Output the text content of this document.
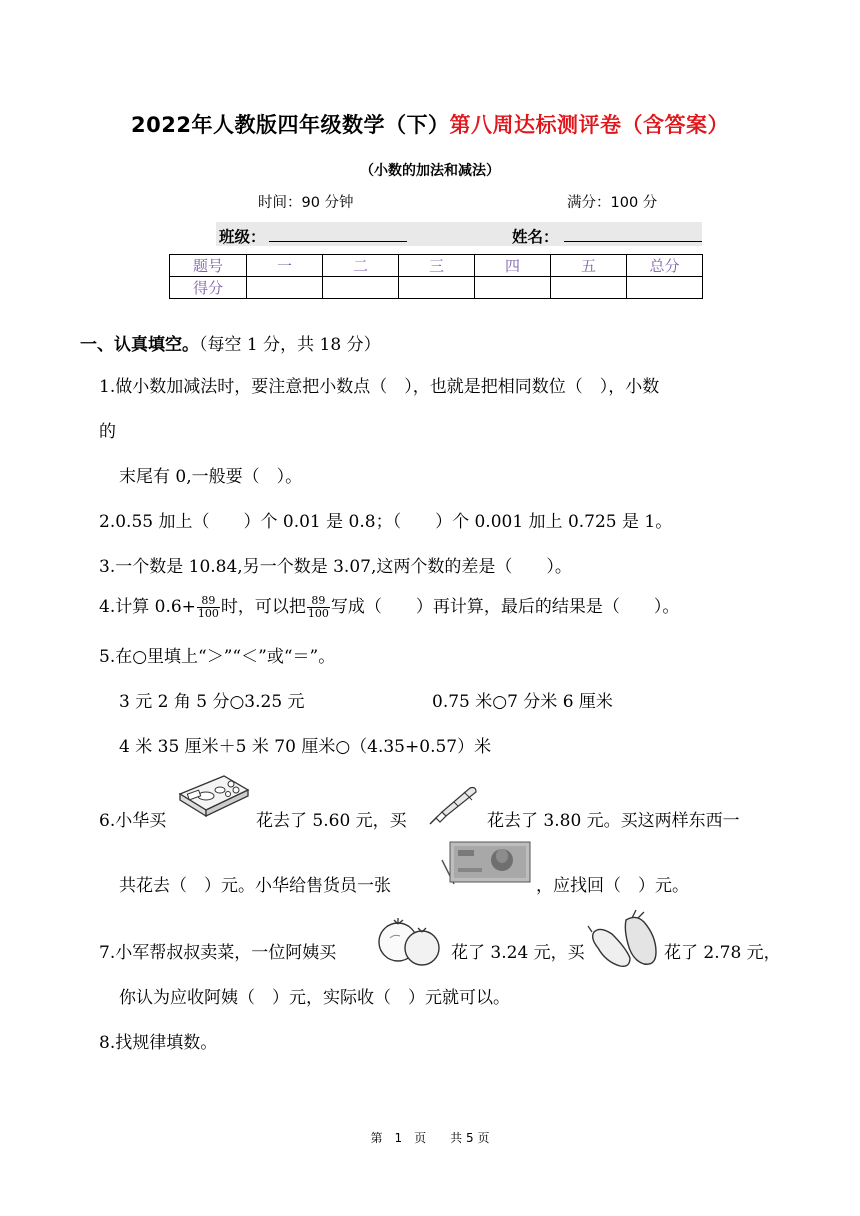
2022年人教版四年级数学（下）第八周达标测评卷（含答案）
（小数的加法和减法）
时间：90 分钟	满分：100 分
班级：	姓名：
题号	一	二	三	四	五	总分
得分						
一、认真填空。（每空 1 分，共 18 分）
1.做小数加减法时，要注意把小数点（　），也就是把相同数位（　），小数
的
末尾有 0,一般要（　）。
2.0.55 加上（　　）个 0.01 是 0.8；（　　）个 0.001 加上 0.725 是 1。
3.一个数是 10.84,另一个数是 3.07,这两个数的差是（　　）。
4.计算 $0.6+ \frac{89}{100}$ 时，可以把 $\frac{89}{100}$ 写成（　　）再计算，最后的结果是（　　）。
5.在○里填上“＞”“＜”或“＝”。
3 元 2 角 5 分○3.25 元	0.75 米○7 分米 6 厘米
4 米 35 厘米＋5 米 70 厘米○（4.35+0.57）米
6.小华买	花去了 5.60 元，买	花去了 3.80 元。买这两样东西一
共花去（　）元。小华给售货员一张	，应找回（　）元。
7.小军帮叔叔卖菜，一位阿姨买	花了 3.24 元，买	花了 2.78 元，
你认为应收阿姨（　）元，实际收（　）元就可以。
8.找规律填数。
第　1　页　　共 5 页
